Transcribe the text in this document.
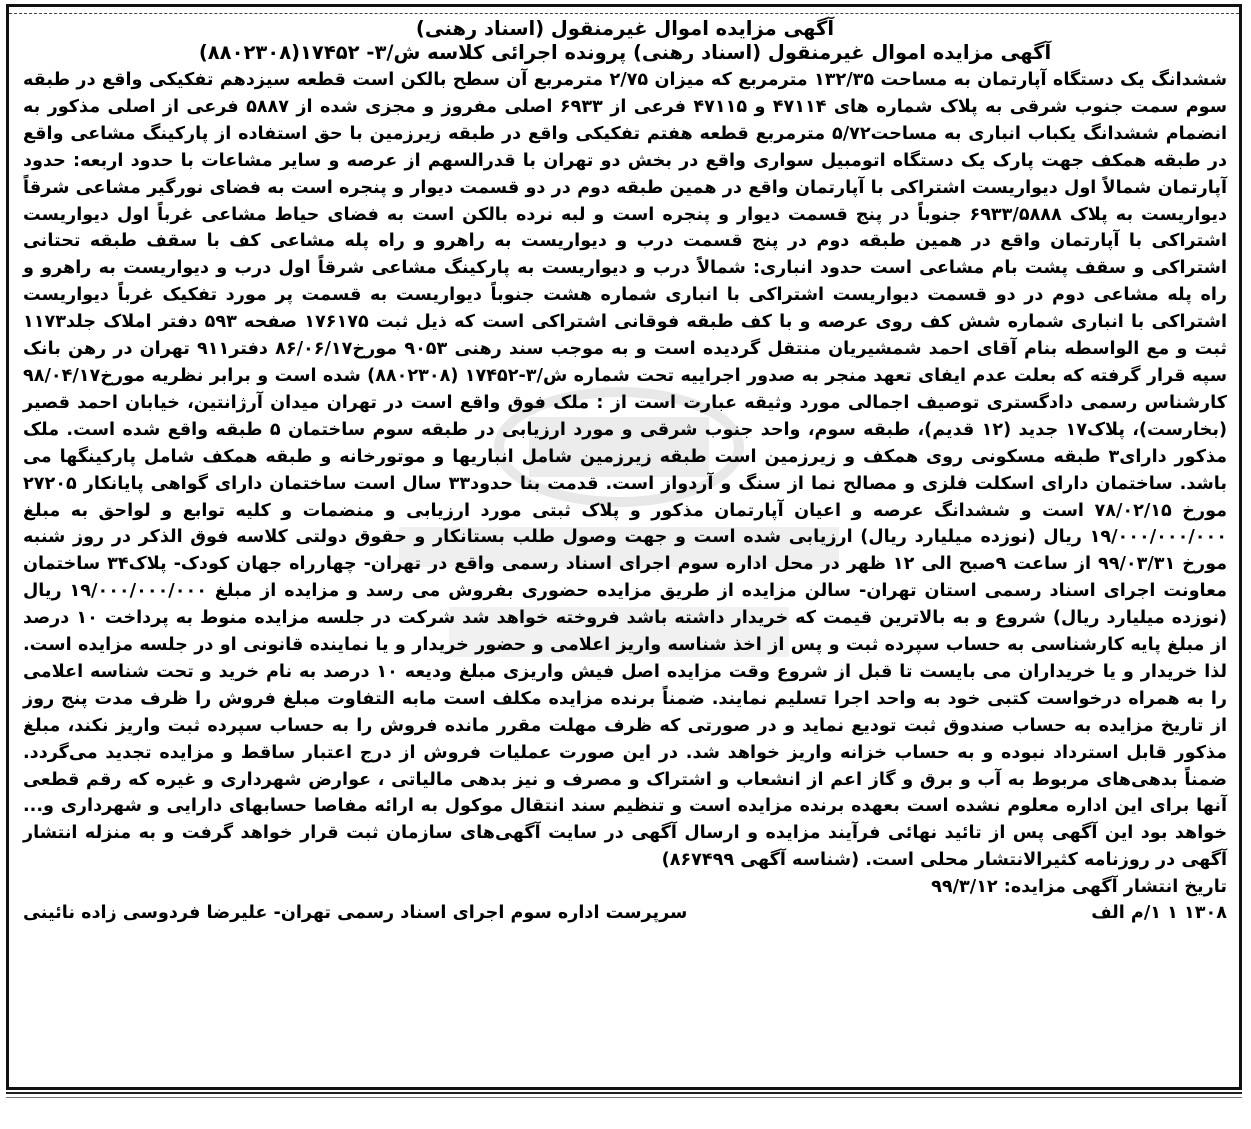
آگهی مزایده اموال غیرمنقول (اسناد رهنی)

آگهی مزایده اموال غیرمنقول (اسناد رهنی) پرونده اجرائی کلاسه ش/۳- ۱۷۴۵۲(۸۸۰۲۳۰۸)

ششدانگ یک دستگاه آپارتمان به مساحت ۱۳۲/۳۵ مترمربع که میزان ۲/۷۵ مترمربع آن سطح بالکن است قطعه سیزدهم تفکیکی واقع در طبقه سوم سمت جنوب شرقی به پلاک شماره های ۴۷۱۱۴ و ۴۷۱۱۵ فرعی از ۶۹۳۳ اصلی مفروز و مجزی شده از ۵۸۸۷ فرعی از اصلی مذکور به انضمام ششدانگ یکباب انباری به مساحت۵/۷۲ مترمربع قطعه هفتم تفکیکی واقع در طبقه زیرزمین با حق استفاده از پارکینگ مشاعی واقع در طبقه همکف جهت پارک یک دستگاه اتومبیل سواری واقع در بخش دو تهران با قدرالسهم از عرصه و سایر مشاعات با حدود اربعه: حدود آپارتمان شمالاً اول دیواریست اشتراکی با آپارتمان واقع در همین طبقه دوم در دو قسمت دیوار و پنجره است به فضای نورگیر مشاعی شرقاً دیواریست به پلاک ۶۹۳۳/۵۸۸۸ جنوباً در پنج قسمت دیوار و پنجره است و لبه نرده بالکن است به فضای حیاط مشاعی غرباً اول دیواریست اشتراکی با آپارتمان واقع در همین طبقه دوم در پنج قسمت درب و دیواریست به راهرو و راه پله مشاعی کف با سقف طبقه تحتانی اشتراکی و سقف پشت بام مشاعی است حدود انباری: شمالاً درب و دیواریست به پارکینگ مشاعی شرقاً اول درب و دیواریست به راهرو و راه پله مشاعی دوم در دو قسمت دیواریست اشتراکی با انباری شماره هشت جنوباً دیواریست به قسمت پر مورد تفکیک غرباً دیواریست اشتراکی با انباری شماره شش کف روی عرصه و با کف طبقه فوقانی اشتراکی است که ذیل ثبت ۱۷۶۱۷۵ صفحه ۵۹۳ دفتر املاک جلد۱۱۷۳ ثبت و مع الواسطه بنام آقای احمد شمشیریان منتقل گردیده است و به موجب سند رهنی ۹۰۵۳ مورخ۸۶/۰۶/۱۷ دفتر۹۱۱ تهران در رهن بانک سپه قرار گرفته که بعلت عدم ایفای تعهد منجر به صدور اجراییه تحت شماره ش/۳-۱۷۴۵۲ (۸۸۰۲۳۰۸) شده است و برابر نظریه مورخ۹۸/۰۴/۱۷ کارشناس رسمی دادگستری توصیف اجمالی مورد وثیقه عبارت است از : ملک فوق واقع است در تهران میدان آرژانتین، خیابان احمد قصیر (بخارست)، پلاک۱۷ جدید (۱۲ قدیم)، طبقه سوم، واحد جنوب شرقی و مورد ارزیابی در طبقه سوم ساختمان ۵ طبقه واقع شده است. ملک مذکور دارای۳ طبقه مسکونی روی همکف و زیرزمین است طبقه زیرزمین شامل انباریها و موتورخانه و طبقه همکف شامل پارکینگها می باشد. ساختمان دارای اسکلت فلزی و مصالح نما از سنگ و آردواز است. قدمت بنا حدود۳۳ سال است ساختمان دارای گواهی پایانکار ۲۷۲۰۵ مورخ ۷۸/۰۲/۱۵ است و ششدانگ عرصه و اعیان آپارتمان مذکور و پلاک ثبتی مورد ارزیابی و منضمات و کلیه توابع و لواحق به مبلغ ۱۹/۰۰۰/۰۰۰/۰۰۰ ریال (نوزده میلیارد ریال) ارزیابی شده است و جهت وصول طلب بستانکار و حقوق دولتی کلاسه فوق الذکر در روز شنبه مورخ ۹۹/۰۳/۳۱ از ساعت ۹صبح الی ۱۲ ظهر در محل اداره سوم اجرای اسناد رسمی واقع در تهران- چهارراه جهان کودک- پلاک۳۴ ساختمان معاونت اجرای اسناد رسمی استان تهران- سالن مزایده از طریق مزایده حضوری بفروش می رسد و مزایده از مبلغ ۱۹/۰۰۰/۰۰۰/۰۰۰ ریال (نوزده میلیارد ریال) شروع و به بالاترین قیمت که خریدار داشته باشد فروخته خواهد شد شرکت در جلسه مزایده منوط به پرداخت ۱۰ درصد از مبلغ پایه کارشناسی به حساب سپرده ثبت و پس از اخذ شناسه واریز اعلامی و حضور خریدار و یا نماینده قانونی او در جلسه مزایده است. لذا خریدار و یا خریداران می بایست تا قبل از شروع وقت مزایده اصل فیش واریزی مبلغ ودیعه ۱۰ درصد به نام خرید و تحت شناسه اعلامی را به همراه درخواست کتبی خود به واحد اجرا تسلیم نمایند. ضمناً برنده مزایده مکلف است مابه التفاوت مبلغ فروش را ظرف مدت پنج روز از تاریخ مزایده به حساب صندوق ثبت تودیع نماید و در صورتی که ظرف مهلت مقرر مانده فروش را به حساب سپرده ثبت واریز نکند، مبلغ مذکور قابل استرداد نبوده و به حساب خزانه واریز خواهد شد. در این صورت عملیات فروش از درج اعتبار ساقط و مزایده تجدید می‌گردد. ضمناً بدهی‌های مربوط به آب و برق و گاز اعم از انشعاب و اشتراک و مصرف و نیز بدهی مالیاتی ، عوارض شهرداری و غیره که رقم قطعی آنها برای این اداره معلوم نشده است بعهده برنده مزایده است و تنظیم سند انتقال موکول به ارائه مفاصا حسابهای دارایی و شهرداری و... خواهد بود این آگهی پس از تائید نهائی فرآیند مزایده و ارسال آگهی در سایت آگهی‌های سازمان ثبت قرار خواهد گرفت و به منزله انتشار آگهی در روزنامه کثیرالانتشار محلی است. (شناسه آگهی ۸۶۷۴۹۹)

تاریخ انتشار آگهی مزایده: ۹۹/۳/۱۲

۱۳۰۸ ۱ ۱/م الف
سرپرست اداره سوم اجرای اسناد رسمی تهران- علیرضا فردوسی زاده نائینی
